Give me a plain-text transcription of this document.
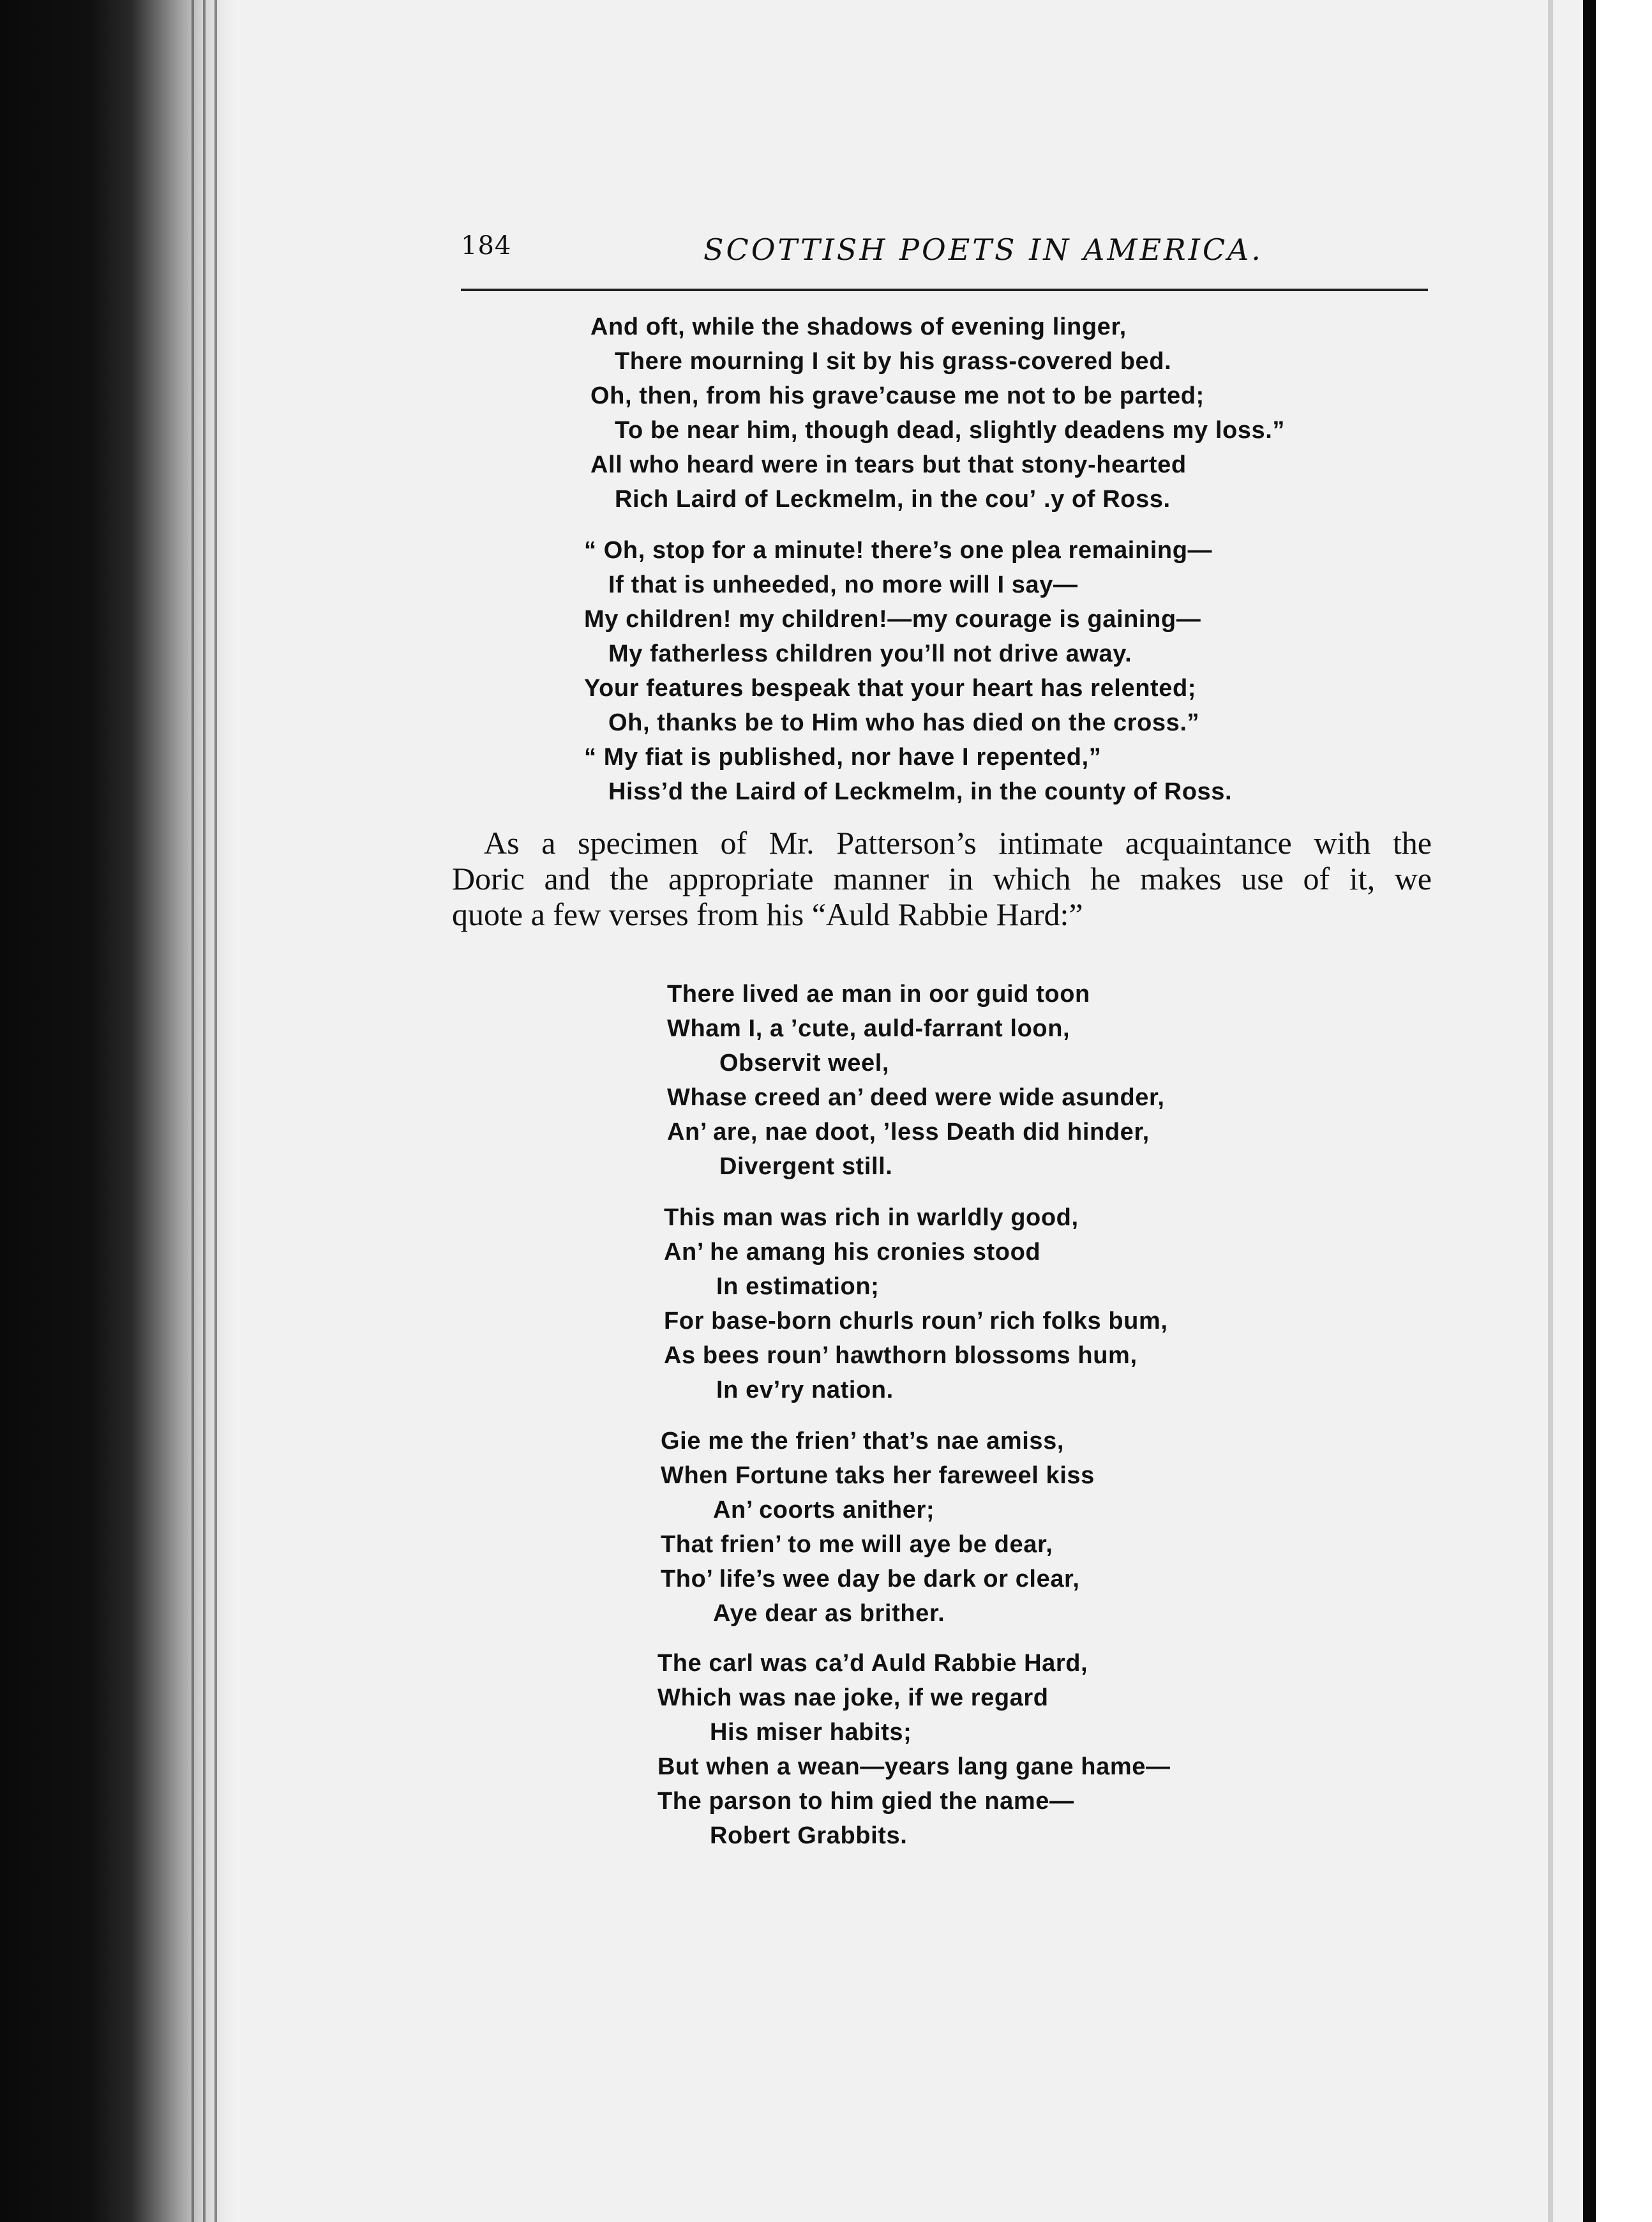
184	SCOTTISH POETS IN AMERICA.
And oft, while the shadows of evening linger,
There mourning I sit by his grass-covered bed.
Oh, then, from his grave’cause me not to be parted;
To be near him, though dead, slightly deadens my loss.”
All who heard were in tears but that stony-hearted
Rich Laird of Leckmelm, in the couʼ .y of Ross.
“ Oh, stop for a minute! there’s one plea remaining—
If that is unheeded, no more will I say—
My children! my children!—my courage is gaining—
My fatherless children you’ll not drive away.
Your features bespeak that your heart has relented;
Oh, thanks be to Him who has died on the cross.”
“ My fiat is published, nor have I repented,”
Hiss’d the Laird of Leckmelm, in the county of Ross.
As a specimen of Mr. Patterson’s intimate acquaintance with the
Doric and the appropriate manner in which he makes use of it, we
quote a few verses from his “Auld Rabbie Hard:”
There lived ae man in oor guid toon
Wham I, a ’cute, auld-farrant loon,
Observit weel,
Whase creed an’ deed were wide asunder,
An’ are, nae doot, ’less Death did hinder,
Divergent still.
This man was rich in warldly good,
An’ he amang his cronies stood
In estimation;
For base-born churls roun’ rich folks bum,
As bees roun’ hawthorn blossoms hum,
In ev’ry nation.
Gie me the frien’ that’s nae amiss,
When Fortune taks her fareweel kiss
An’ coorts anither;
That frien’ to me will aye be dear,
Tho’ life’s wee day be dark or clear,
Aye dear as brither.
The carl was ca’d Auld Rabbie Hard,
Which was nae joke, if we regard
His miser habits;
But when a wean—years lang gane hame—
The parson to him gied the name—
Robert Grabbits.
